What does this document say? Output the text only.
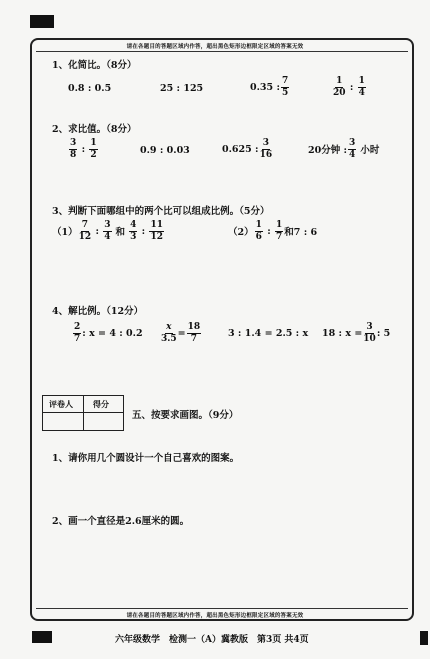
请在各题目的答题区域内作答，超出黑色矩形边框限定区域的答案无效
请在各题目的答题区域内作答，超出黑色矩形边框限定区域的答案无效
1、化简比。（8分）
0.8 : 0.5	25 : 125	0.35 : $\frac{7}{5}$	$\frac{1}{20}$ : $\frac{1}{4}$
2、求比值。（8分）
$\frac{3}{8}$ : $\frac{1}{2}$	0.9 : 0.03	0.625 : $\frac{3}{16}$	20分钟 : $\frac{3}{4}$ 小时
3、判断下面哪组中的两个比可以组成比例。（5分）
$(1) \frac{7}{12}$ : $\frac{3}{4}$ 和 $\frac{4}{3}$ : $\frac{11}{12}$	$(2) \frac{1}{6}$ : $\frac{1}{7}$ 和7 : 6
4、解比例。（12分）
$\frac{2}{7}$ : x = 4 : $0.2 \frac{x}{3.5} = \frac{18}{7}$	3 : 1.4 = 2.5 : x 18 : $x = \frac{3}{10}$ : 5
评卷人	得分
五、按要求画图。（9分）
1、请你用几个圆设计一个自己喜欢的图案。
2、画一个直径是2.6厘米的圆。
六年级数学　检测一（A）冀教版　第3页 共4页
